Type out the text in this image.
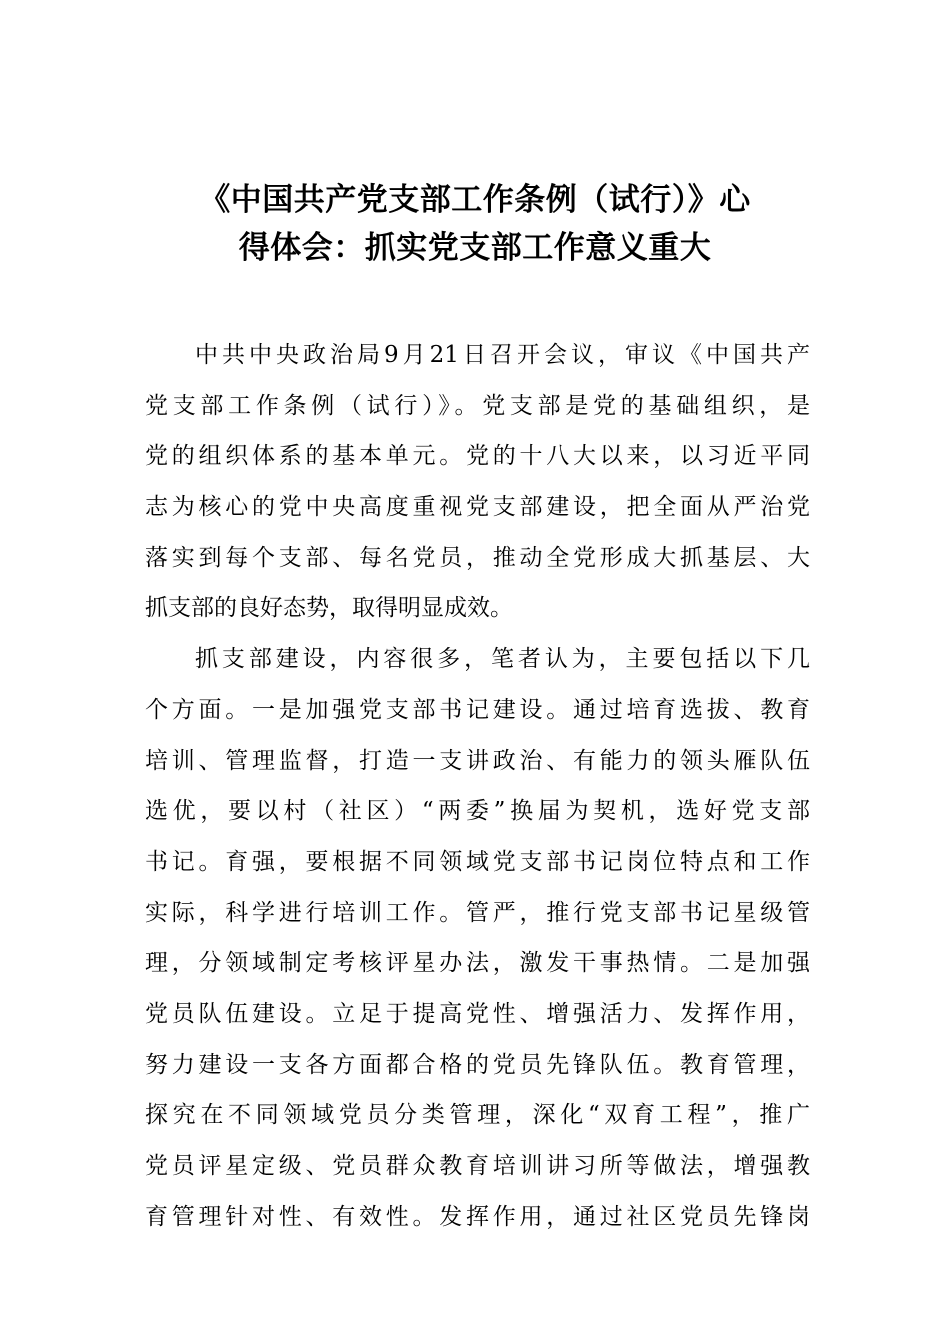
《中国共产党支部工作条例（试行）》心
得体会：抓实党支部工作意义重大
中共中央政治局9月21日召开会议，审议《中国共产
党支部工作条例（试行）》。党支部是党的基础组织，是
党的组织体系的基本单元。党的十八大以来，以习近平同
志为核心的党中央高度重视党支部建设，把全面从严治党
落实到每个支部、每名党员，推动全党形成大抓基层、大
抓支部的良好态势，取得明显成效。
抓支部建设，内容很多，笔者认为，主要包括以下几
个方面。一是加强党支部书记建设。通过培育选拔、教育
培训、管理监督，打造一支讲政治、有能力的领头雁队伍
选优，要以村（社区）“两委”换届为契机，选好党支部
书记。育强，要根据不同领域党支部书记岗位特点和工作
实际，科学进行培训工作。管严，推行党支部书记星级管
理，分领域制定考核评星办法，激发干事热情。二是加强
党员队伍建设。立足于提高党性、增强活力、发挥作用，
努力建设一支各方面都合格的党员先锋队伍。教育管理，
探究在不同领域党员分类管理，深化“双育工程”，推广
党员评星定级、党员群众教育培训讲习所等做法，增强教
育管理针对性、有效性。发挥作用，通过社区党员先锋岗
